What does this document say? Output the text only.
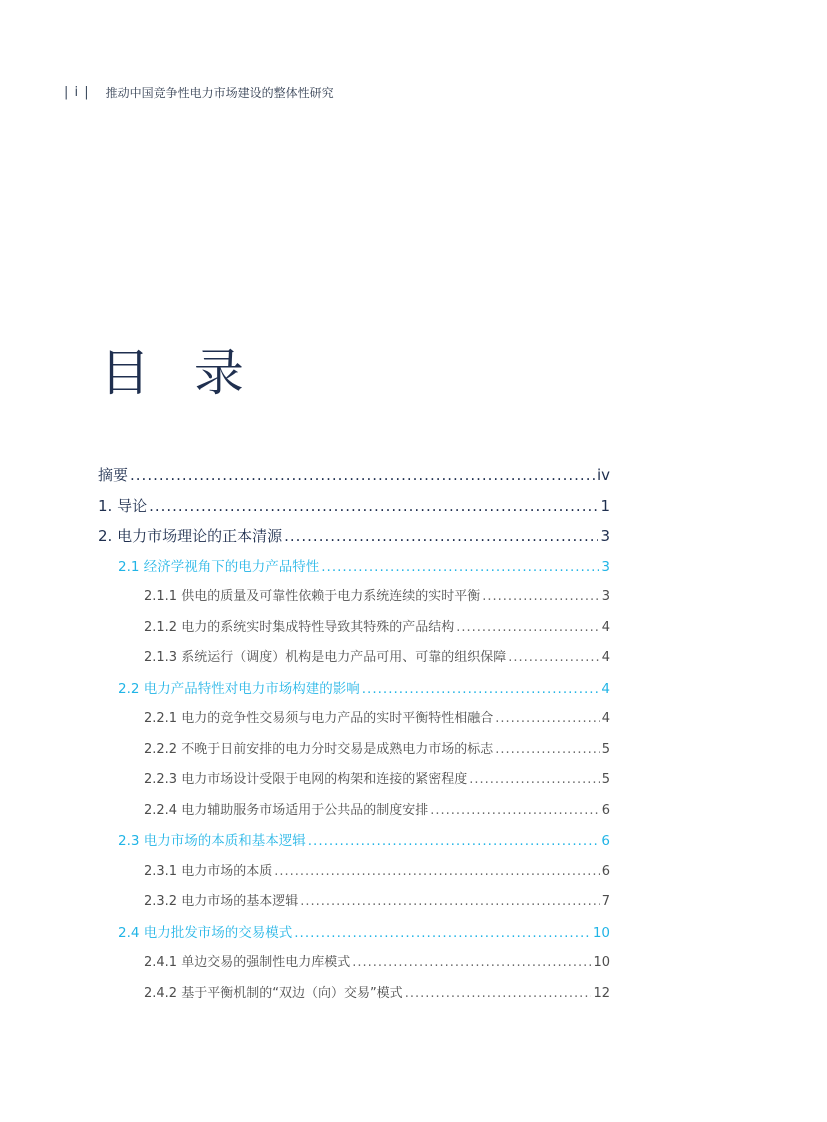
| i | 推动中国竞争性电力市场建设的整体性研究
目 录
摘要 .....	iv
1. 导论 .....	1
2. 电力市场理论的正本清源 .....	3
2.1 经济学视角下的电力产品特性 .....	3
2.1.1 供电的质量及可靠性依赖于电力系统连续的实时平衡 .....	3
2.1.2 电力的系统实时集成特性导致其特殊的产品结构 .....	4
2.1.3 系统运行（调度）机构是电力产品可用、可靠的组织保障 .....	4
2.2 电力产品特性对电力市场构建的影响 .....	4
2.2.1 电力的竞争性交易须与电力产品的实时平衡特性相融合 .....	4
2.2.2 不晚于日前安排的电力分时交易是成熟电力市场的标志 .....	5
2.2.3 电力市场设计受限于电网的构架和连接的紧密程度 .....	5
2.2.4 电力辅助服务市场适用于公共品的制度安排 .....	6
2.3 电力市场的本质和基本逻辑 .....	6
2.3.1 电力市场的本质 .....	6
2.3.2 电力市场的基本逻辑 .....	7
2.4 电力批发市场的交易模式 .....	10
2.4.1 单边交易的强制性电力库模式 .....	10
2.4.2 基于平衡机制的“双边（向）交易”模式 .....	12
